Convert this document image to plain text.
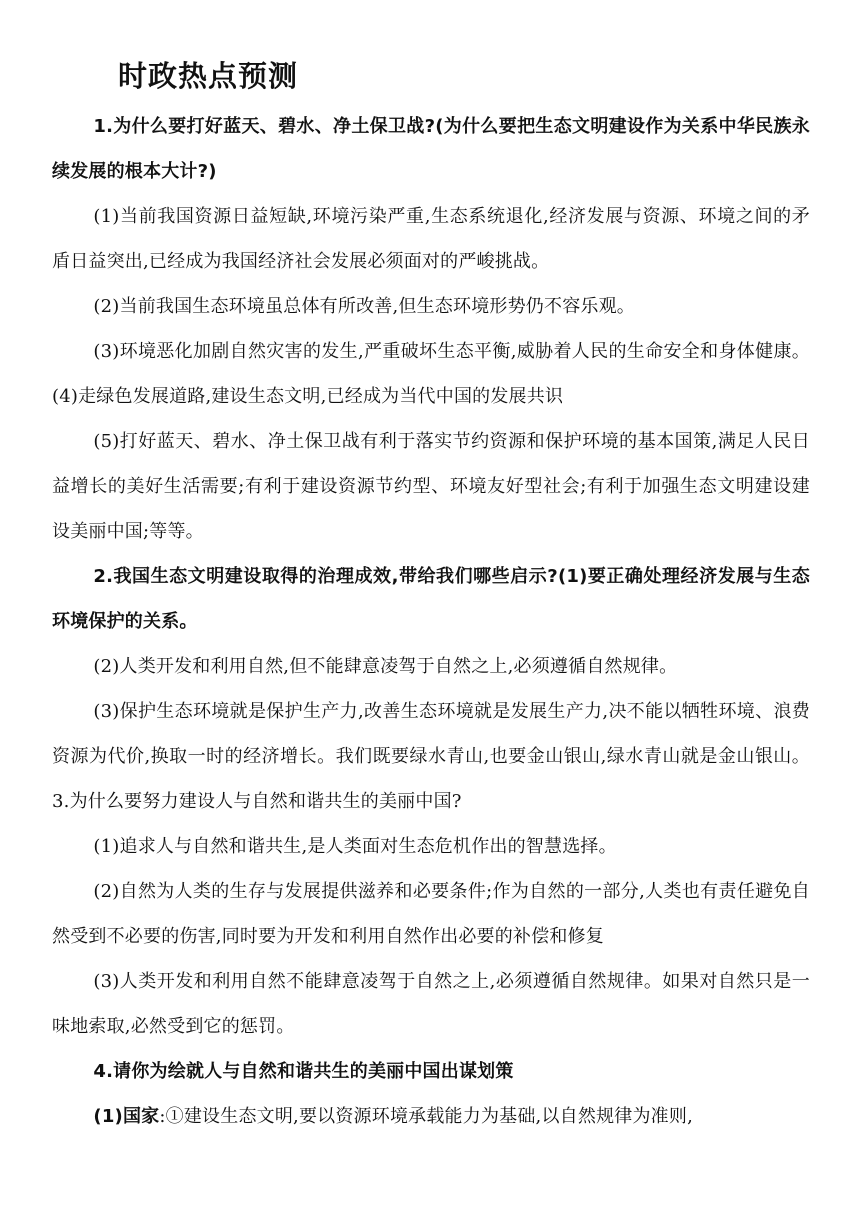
时政热点预测

1.为什么要打好蓝天、碧水、净土保卫战?(为什么要把生态文明建设作为关系中华民族永续发展的根本大计?)

(1)当前我国资源日益短缺,环境污染严重,生态系统退化,经济发展与资源、环境之间的矛盾日益突出,已经成为我国经济社会发展必须面对的严峻挑战。

(2)当前我国生态环境虽总体有所改善,但生态环境形势仍不容乐观。

(3)环境恶化加剧自然灾害的发生,严重破坏生态平衡,威胁着人民的生命安全和身体健康。(4)走绿色发展道路,建设生态文明,已经成为当代中国的发展共识

(5)打好蓝天、碧水、净土保卫战有利于落实节约资源和保护环境的基本国策,满足人民日益增长的美好生活需要;有利于建设资源节约型、环境友好型社会;有利于加强生态文明建设建设美丽中国;等等。

2.我国生态文明建设取得的治理成效,带给我们哪些启示?(1)要正确处理经济发展与生态环境保护的关系。

(2)人类开发和利用自然,但不能肆意凌驾于自然之上,必须遵循自然规律。

(3)保护生态环境就是保护生产力,改善生态环境就是发展生产力,决不能以牺牲环境、浪费资源为代价,换取一时的经济增长。我们既要绿水青山,也要金山银山,绿水青山就是金山银山。3.为什么要努力建设人与自然和谐共生的美丽中国?

(1)追求人与自然和谐共生,是人类面对生态危机作出的智慧选择。

(2)自然为人类的生存与发展提供滋养和必要条件;作为自然的一部分,人类也有责任避免自然受到不必要的伤害,同时要为开发和利用自然作出必要的补偿和修复

(3)人类开发和利用自然不能肆意凌驾于自然之上,必须遵循自然规律。如果对自然只是一味地索取,必然受到它的惩罚。

4.请你为绘就人与自然和谐共生的美丽中国出谋划策

(1)国家:①建设生态文明,要以资源环境承载能力为基础,以自然规律为准则,
